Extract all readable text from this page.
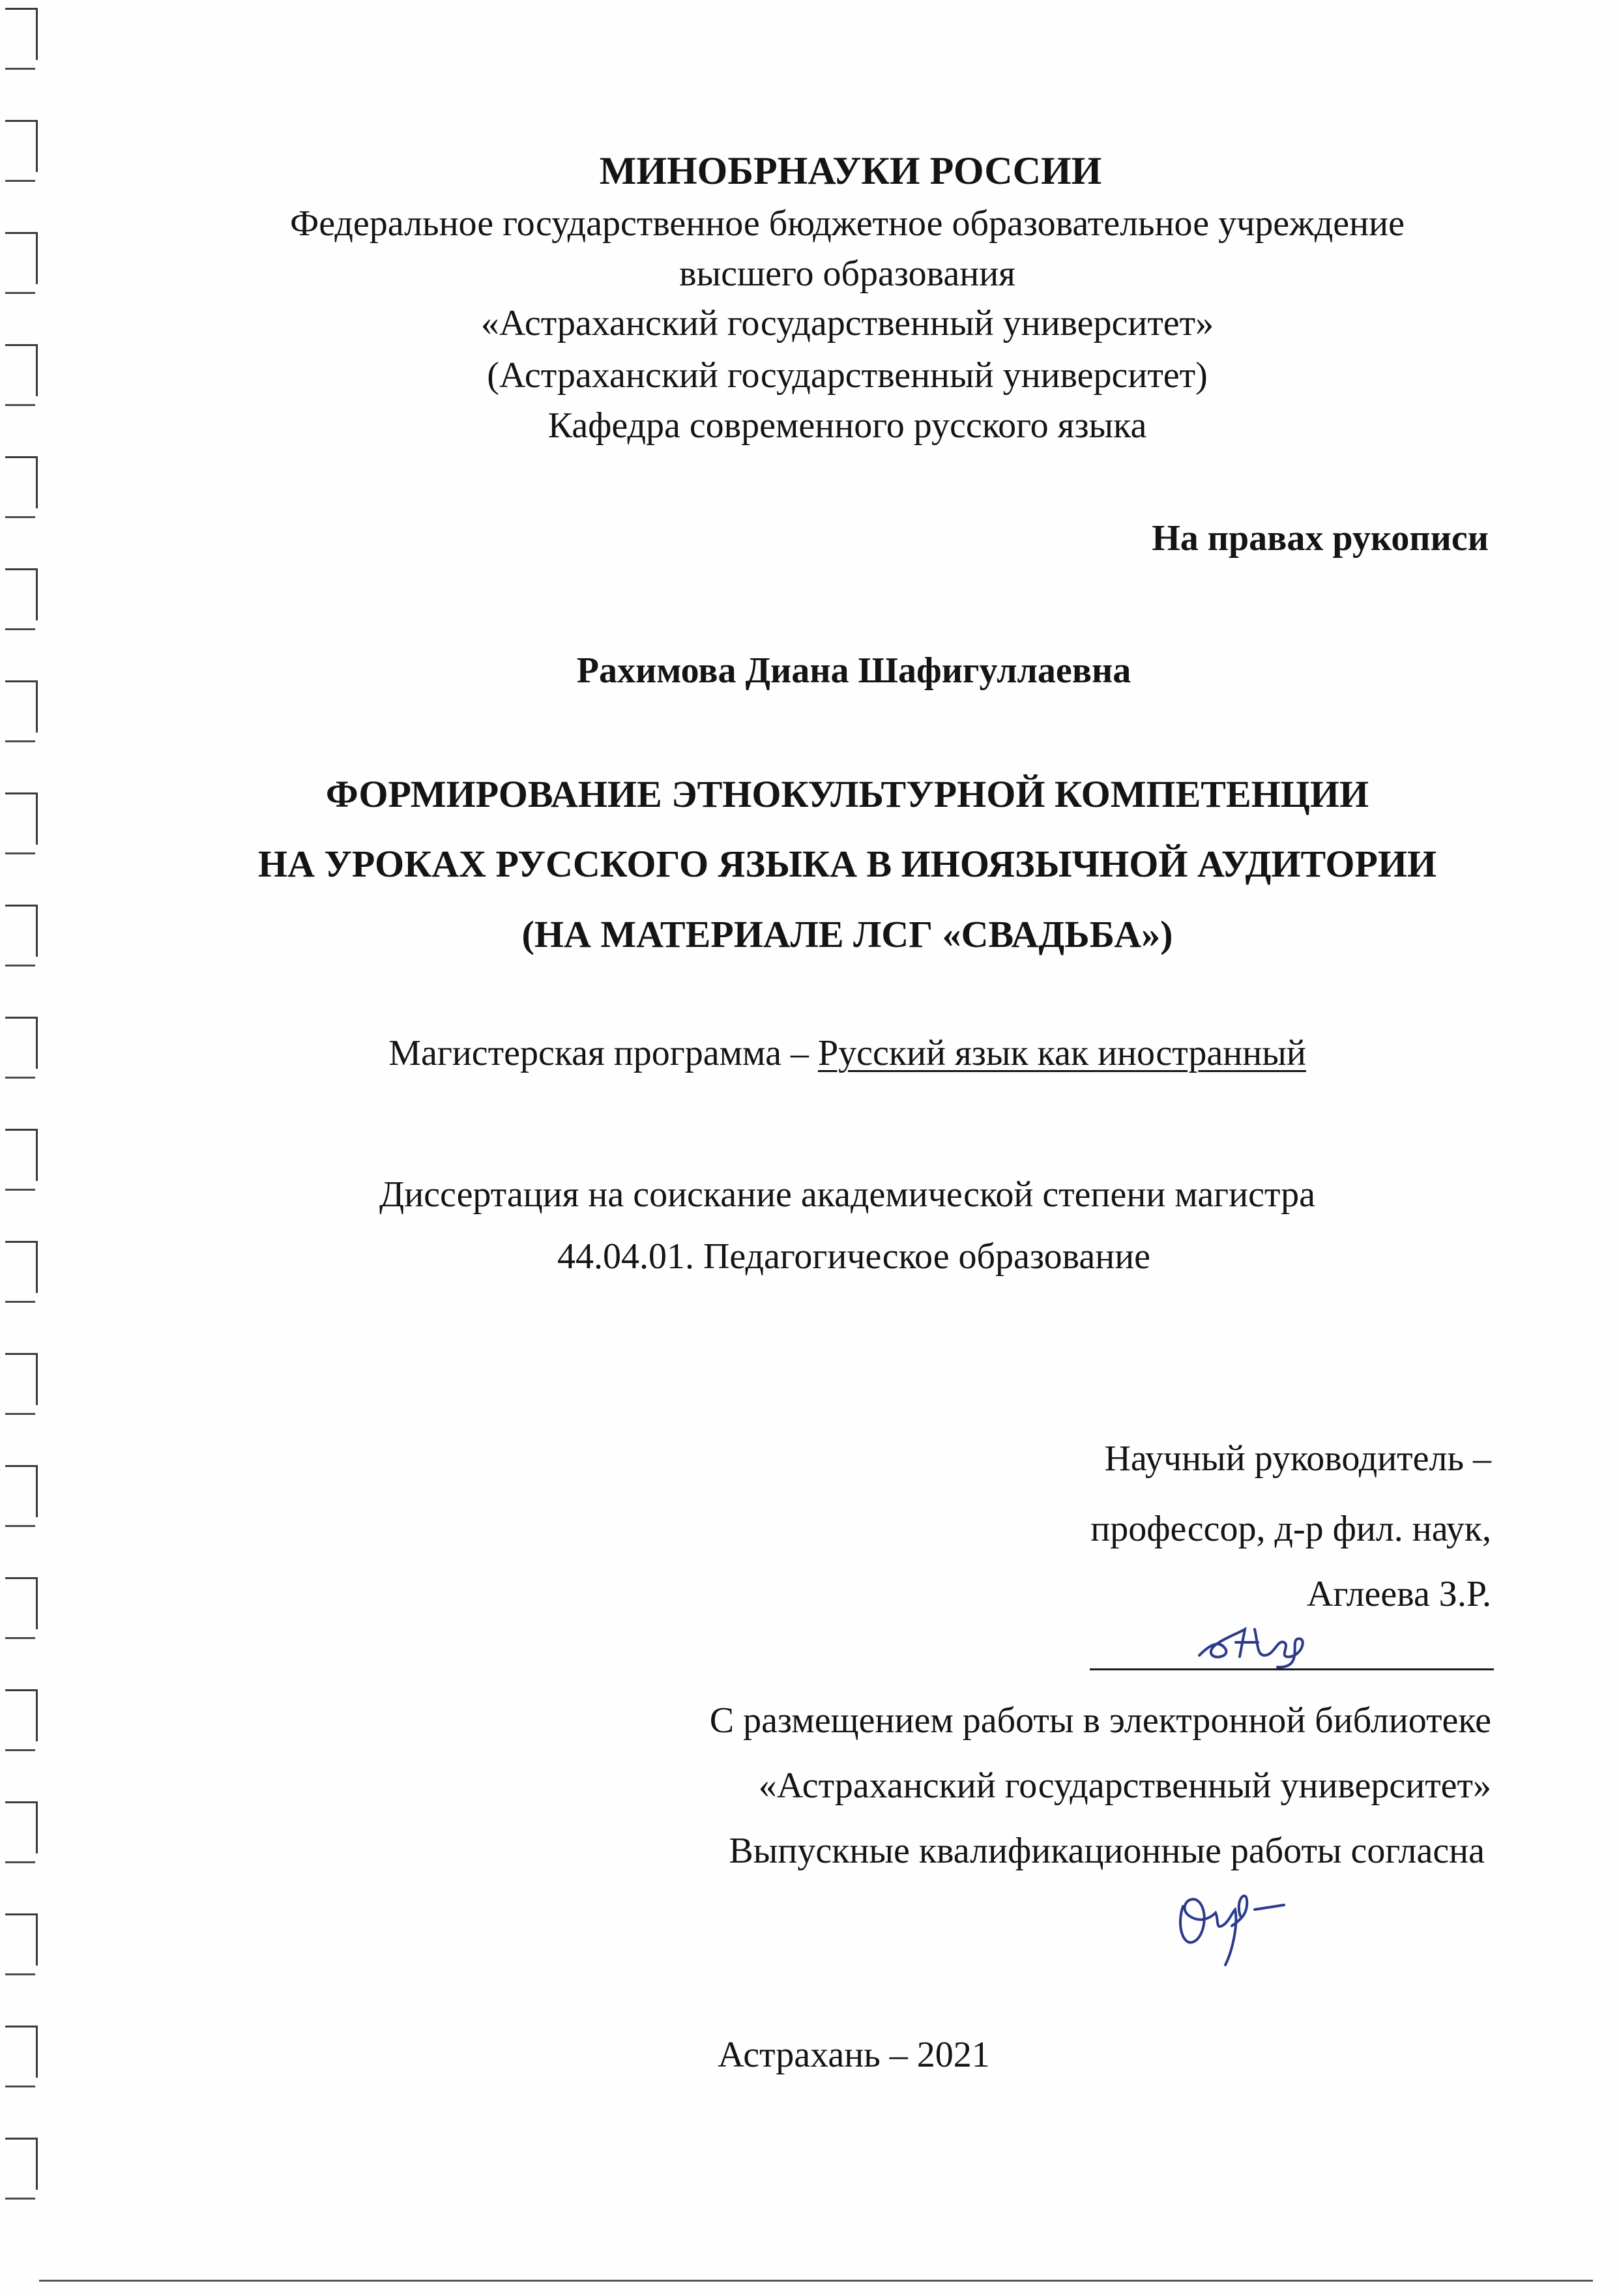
МИНОБРНАУКИ РОССИИ
Федеральное государственное бюджетное образовательное учреждение
высшего образования
«Астраханский государственный университет»
(Астраханский государственный университет)
Кафедра современного русского языка
На правах рукописи
Рахимова Диана Шафигуллаевна
ФОРМИРОВАНИЕ ЭТНОКУЛЬТУРНОЙ КОМПЕТЕНЦИИ
НА УРОКАХ РУССКОГО ЯЗЫКА В ИНОЯЗЫЧНОЙ АУДИТОРИИ
(НА МАТЕРИАЛЕ ЛСГ «СВАДЬБА»)
Магистерская программа – Русский язык как иностранный
Диссертация на соискание академической степени магистра
44.04.01. Педагогическое образование
Научный руководитель –
профессор, д-р фил. наук,
Аглеева З.Р.
С размещением работы в электронной библиотеке
«Астраханский государственный университет»
Выпускные квалификационные работы согласна
Астрахань – 2021
